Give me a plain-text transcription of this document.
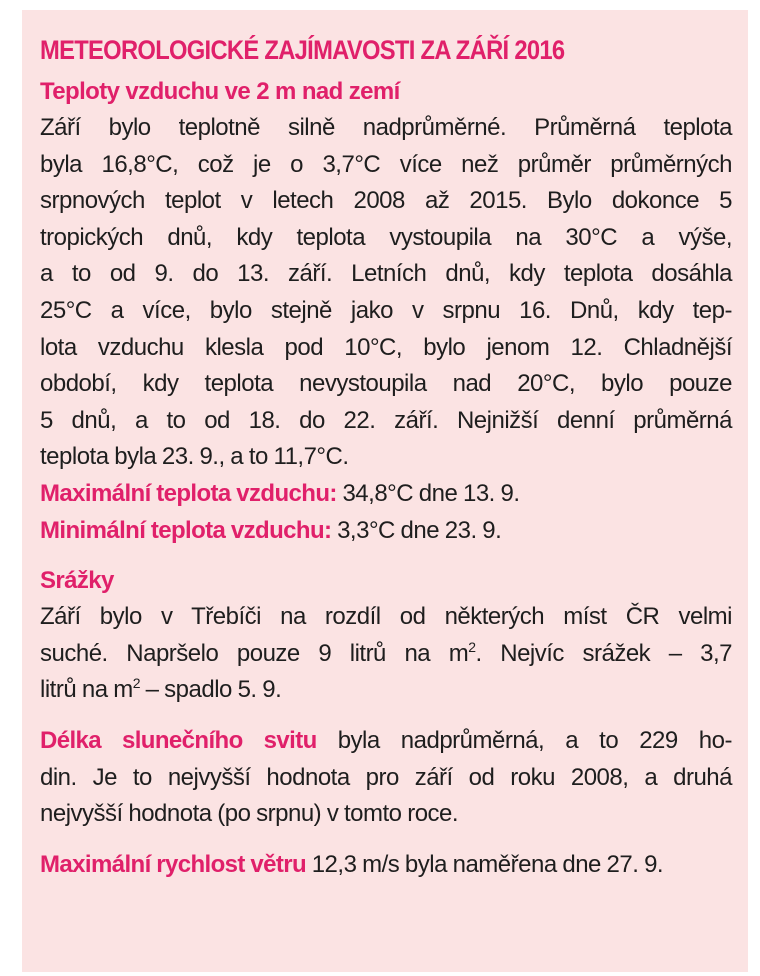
METEOROLOGICKÉ ZAJÍMAVOSTI ZA ZÁŘÍ 2016
Teploty vzduchu ve 2 m nad zemí

Září bylo teplotně silně nadprůměrné. Průměrná teplota

byla 16,8°C, což je o 3,7°C více než průměr průměrných

srpnových teplot v letech 2008 až 2015. Bylo dokonce 5

tropických dnů, kdy teplota vystoupila na 30°C a výše,

a to od 9. do 13. září. Letních dnů, kdy teplota dosáhla

25°C a více, bylo stejně jako v srpnu 16. Dnů, kdy tep-

lota vzduchu klesla pod 10°C, bylo jenom 12. Chladnější

období, kdy teplota nevystoupila nad 20°C, bylo pouze

5 dnů, a to od 18. do 22. září. Nejnižší denní průměrná

teplota byla 23. 9., a to 11,7°C.

Maximální teplota vzduchu: 34,8°C dne 13. 9.

Minimální teplota vzduchu: 3,3°C dne 23. 9.

Srážky

Září bylo v Třebíči na rozdíl od některých míst ČR velmi

suché. Napršelo pouze 9 litrů na $m^2$. Nejvíc srážek – 3,7

litrů na $m^2$ – spadlo 5. 9.

Délka slunečního svitu byla nadprůměrná, a to 229 ho-

din. Je to nejvyšší hodnota pro září od roku 2008, a druhá

nejvyšší hodnota (po srpnu) v tomto roce.

Maximální rychlost větru 12,3 m/s byla naměřena dne 27. 9.
